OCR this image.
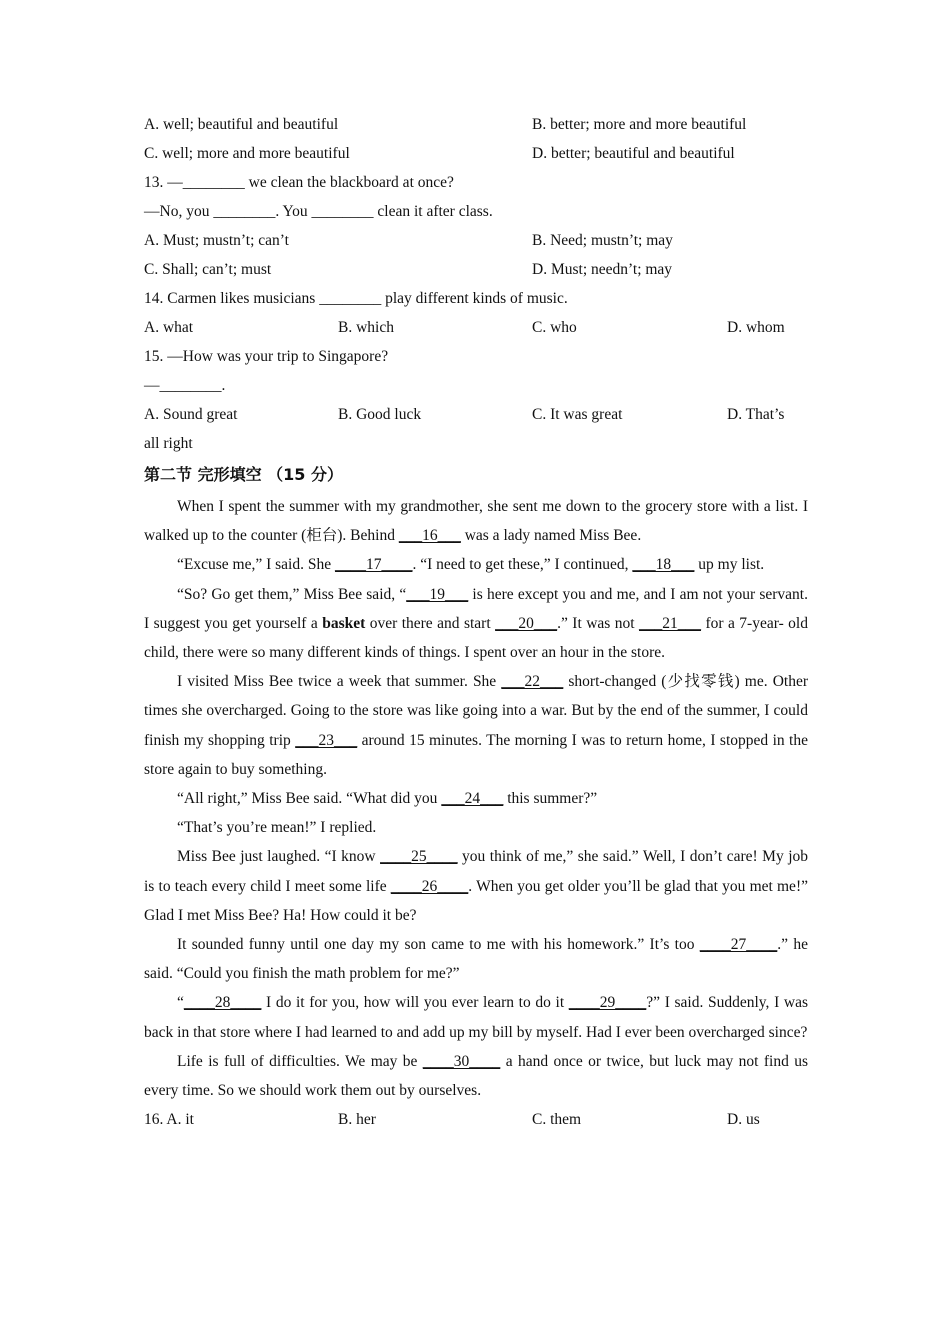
A. well; beautiful and beautiful	B. better; more and more beautiful
C. well; more and more beautiful	D. better; beautiful and beautiful
13. —________ we clean the blackboard at once?
—No, you ________. You ________ clean it after class.
A. Must; mustn’t; can’t	B. Need; mustn’t; may
C. Shall; can’t; must	D. Must; needn’t; may
14. Carmen likes musicians ________ play different kinds of music.
A. what	B. which	C. who	D. whom
15. —How was your trip to Singapore?
—________.
A. Sound great	B. Good luck	C. It was great	D. That’s
all right
第二节 完形填空 （15 分）
When I spent the summer with my grandmother, she sent me down to the grocery store with a list. I walked up to the counter (柜台). Behind ___16___ was a lady named Miss Bee.
“Excuse me,” I said. She ____17____. “I need to get these,” I continued, ___18___ up my list.
“So? Go get them,” Miss Bee said, “___19___ is here except you and me, and I am not your servant. I suggest you get yourself a basket over there and start ___20___.” It was not ___21___ for a 7-year- old child, there were so many different kinds of things. I spent over an hour in the store.
I visited Miss Bee twice a week that summer. She ___22___ short-changed (少找零钱) me. Other times she overcharged. Going to the store was like going into a war. But by the end of the summer, I could finish my shopping trip ___23___ around 15 minutes. The morning I was to return home, I stopped in the store again to buy something.
“All right,” Miss Bee said. “What did you ___24___ this summer?”
“That’s you’re mean!” I replied.
Miss Bee just laughed. “I know ____25____ you think of me,” she said.” Well, I don’t care! My job is to teach every child I meet some life ____26____. When you get older you’ll be glad that you met me!” Glad I met Miss Bee? Ha! How could it be?
It sounded funny until one day my son came to me with his homework.” It’s too ____27____.” he said. “Could you finish the math problem for me?”
“____28____ I do it for you, how will you ever learn to do it ____29____?” I said. Suddenly, I was back in that store where I had learned to and add up my bill by myself. Had I ever been overcharged since?
Life is full of difficulties. We may be ____30____ a hand once or twice, but luck may not find us every time. So we should work them out by ourselves.
16. A. it	B. her	C. them	D. us
